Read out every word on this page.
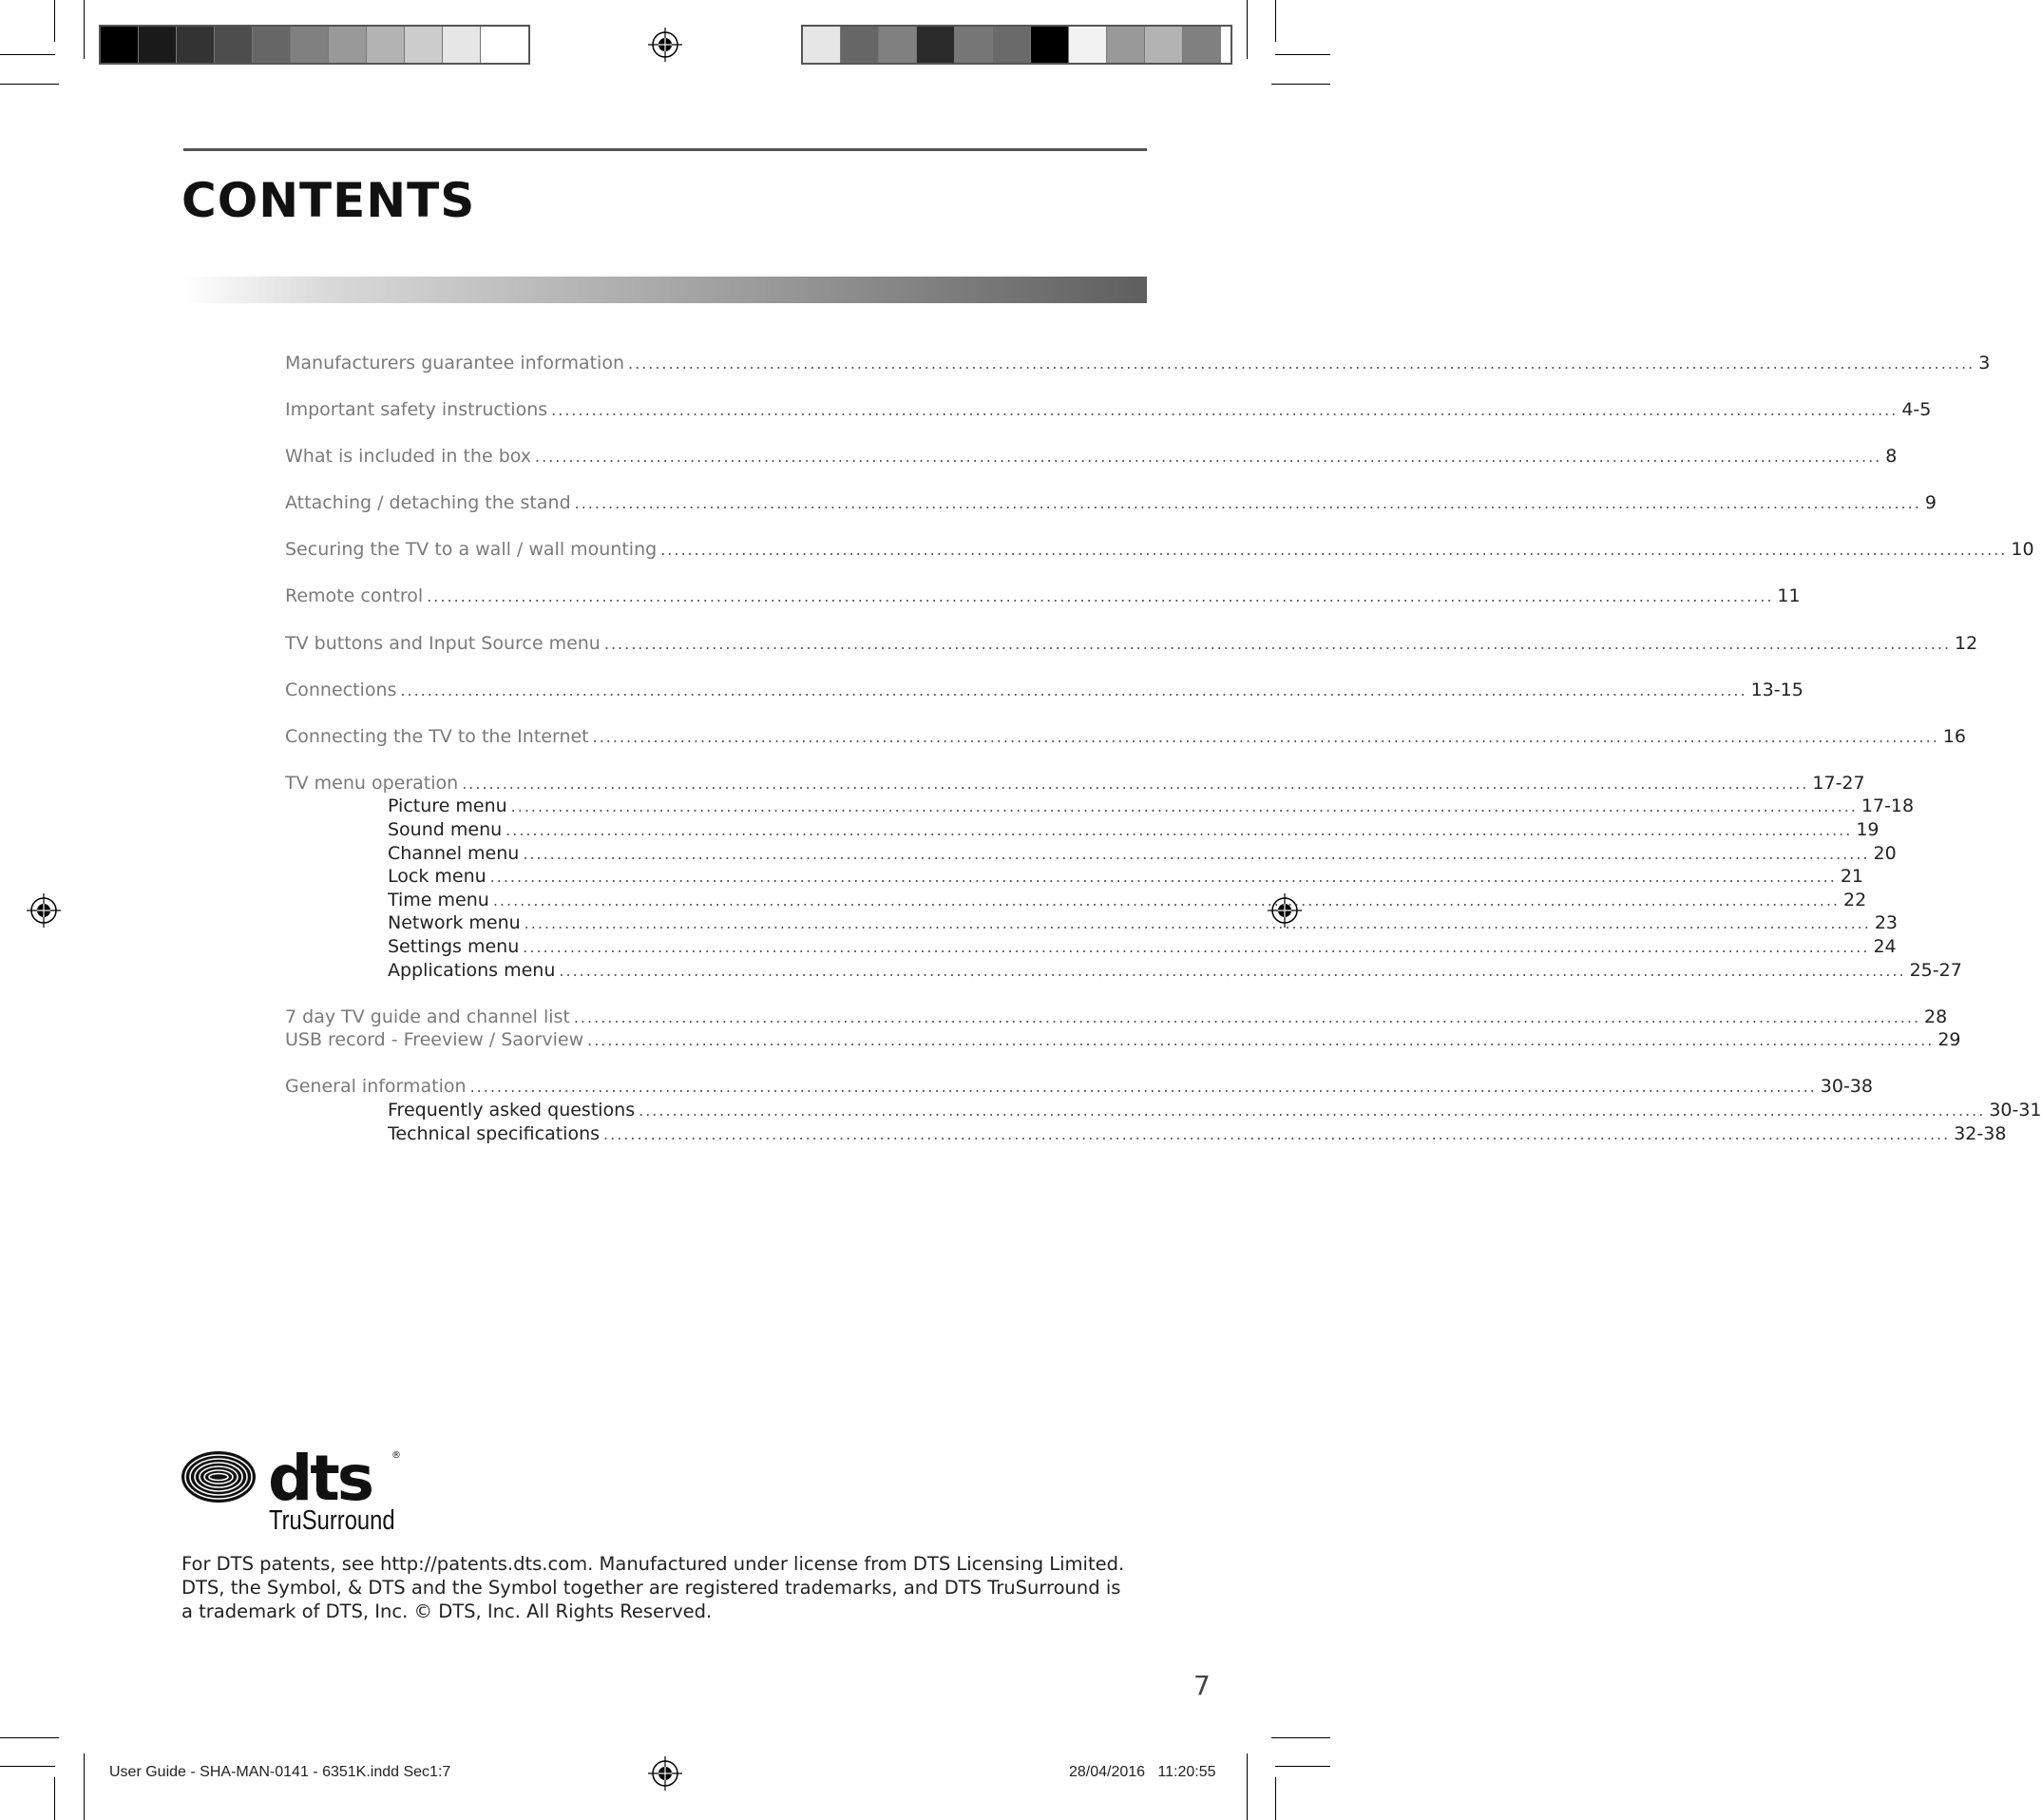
CONTENTS
Manufacturers guarantee information ........................................................................................................................................................................................................ 3
Important safety instructions ........................................................................................................................................................................................................ 4-5
What is included in the box ........................................................................................................................................................................................................ 8
Attaching / detaching the stand ........................................................................................................................................................................................................ 9
Securing the TV to a wall / wall mounting ........................................................................................................................................................................................................ 10
Remote control ........................................................................................................................................................................................................ 11
TV buttons and Input Source menu ........................................................................................................................................................................................................ 12
Connections ........................................................................................................................................................................................................ 13-15
Connecting the TV to the Internet ........................................................................................................................................................................................................ 16
TV menu operation ........................................................................................................................................................................................................ 17-27
Picture menu ........................................................................................................................................................................................................ 17-18
Sound menu ........................................................................................................................................................................................................ 19
Channel menu ........................................................................................................................................................................................................ 20
Lock menu ........................................................................................................................................................................................................ 21
Time menu ........................................................................................................................................................................................................ 22
Network menu ........................................................................................................................................................................................................ 23
Settings menu ........................................................................................................................................................................................................ 24
Applications menu ........................................................................................................................................................................................................ 25-27
7 day TV guide and channel list ........................................................................................................................................................................................................ 28
USB record - Freeview / Saorview ........................................................................................................................................................................................................ 29
General information ........................................................................................................................................................................................................ 30-38
Frequently asked questions ........................................................................................................................................................................................................ 30-31
Technical specifications ........................................................................................................................................................................................................ 32-38
dts ®
TruSurround
For DTS patents, see http://patents.dts.com. Manufactured under license from DTS Licensing Limited. DTS, the Symbol, & DTS and the Symbol together are registered trademarks, and DTS TruSurround is a trademark of DTS, Inc. © DTS, Inc. All Rights Reserved.
7
User Guide - SHA-MAN-0141 - 6351K.indd Sec1:7	28/04/2016   11:20:55
